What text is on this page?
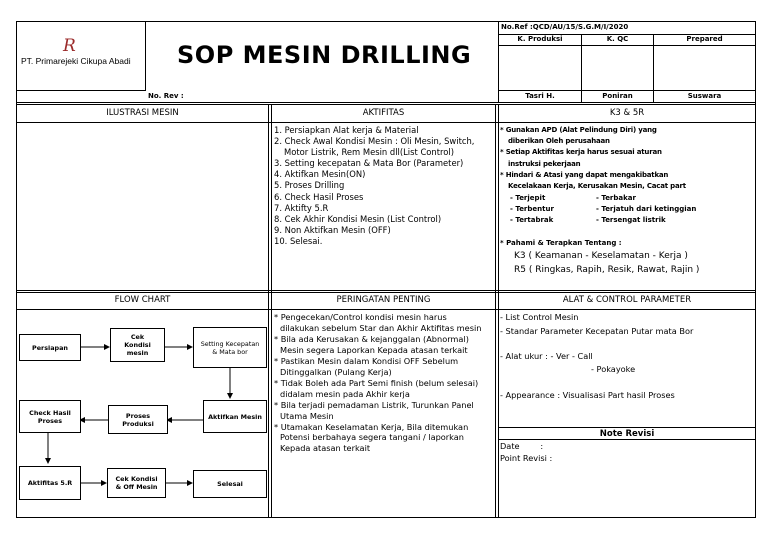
R
PT. Primarejeki Cikupa Abadi SOP MESIN DRILLING
No. Rev :
No.Ref :QCD/AU/15/S.G.M/I/2020
K. Produksi	K. QC	Prepared
Tasri H.	Poniran	Suswara
ILUSTRASI MESIN	AKTIFITAS	K3 & 5R
FLOW CHART	PERINGATAN PENTING	ALAT & CONTROL PARAMETER
1. Persiapkan Alat kerja & Material
2. Check Awal Kondisi Mesin : Oli Mesin, Switch,
Motor Listrik, Rem Mesin dll(List Control)
3. Setting kecepatan & Mata Bor (Parameter)
4. Aktifkan Mesin(ON)
5. Proses Drilling
6. Check Hasil Proses
7. Aktifty 5.R
8. Cek Akhir Kondisi Mesin (List Control)
9. Non Aktifkan Mesin (OFF)
10. Selesai.
* Gunakan APD (Alat Pelindung Diri) yang
diberikan Oleh perusahaan
* Setiap Aktifitas kerja harus sesuai aturan
instruksi pekerjaan
* Hindari & Atasi yang dapat mengakibatkan
Kecelakaan Kerja, Kerusakan Mesin, Cacat part
- Terjepit	- Terbakar
- Terbentur	- Terjatuh dari ketinggian
- Tertabrak	- Tersengat listrik
* Pahami & Terapkan Tentang :
K3 ( Keamanan - Keselamatan - Kerja )
R5 ( Ringkas, Rapih, Resik, Rawat, Rajin )
Persiapan
Cek Kondisi mesin
Setting Kecepatan & Mata bor
Aktifkan Mesin
Proses Produksi
Check Hasil Proses
Aktifitas 5.R	Cek Kondisi & Off Mesin	Selesai
* Pengecekan/Control kondisi mesin harus
dilakukan sebelum Star dan Akhir Aktifitas mesin
* Bila ada Kerusakan & kejanggalan (Abnormal)
Mesin segera Laporkan Kepada atasan terkait
* Pastikan Mesin dalam Kondisi OFF Sebelum
Ditinggalkan (Pulang Kerja)
* Tidak Boleh ada Part Semi finish (belum selesai)
didalam mesin pada Akhir kerja
* Bila terjadi pemadaman Listrik, Turunkan Panel
Utama Mesin
* Utamakan Keselamatan Kerja, Bila ditemukan
Potensi berbahaya segera tangani / laporkan
Kepada atasan terkait
- List Control Mesin
- Standar Parameter Kecepatan Putar mata Bor
- Alat ukur : - Ver - Call
- Pokayoke
- Appearance : Visualisasi Part hasil Proses
Note Revisi
Date        :
Point Revisi :
